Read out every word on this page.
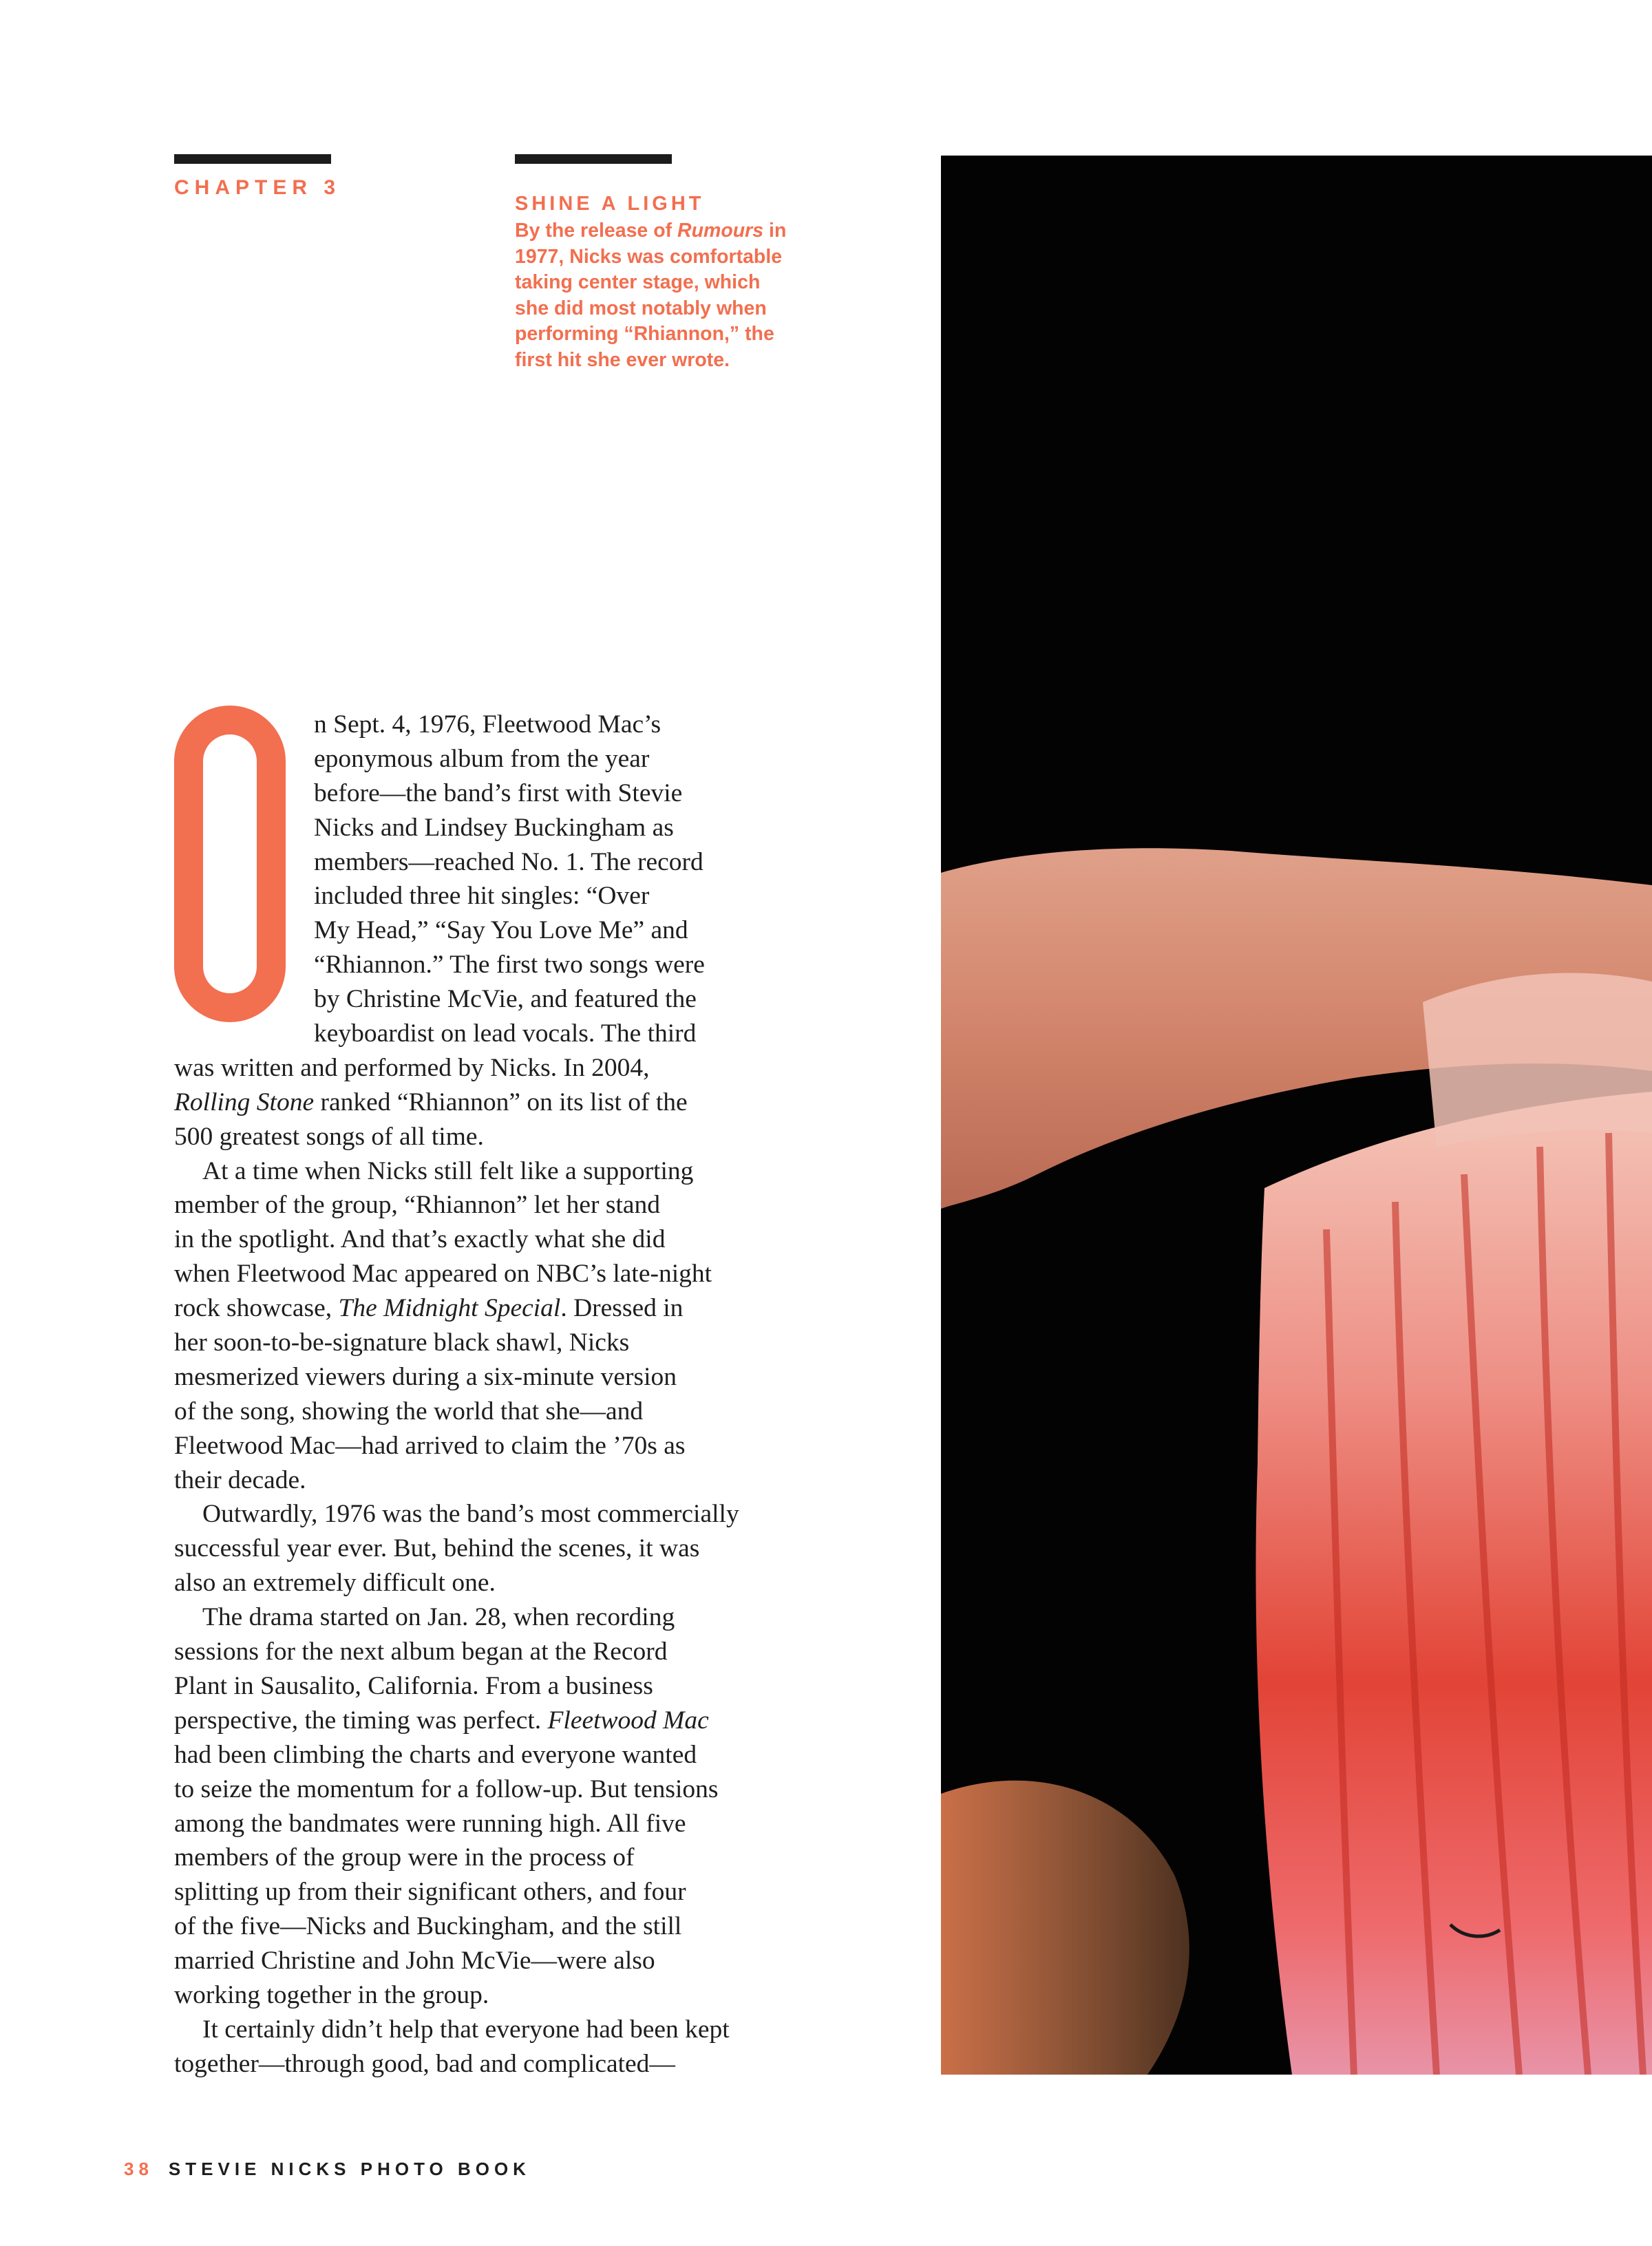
CHAPTER 3
SHINE A LIGHT

By the release of Rumours in
1977, Nicks was comfortable
taking center stage, which
she did most notably when
performing “Rhiannon,” the
first hit she ever wrote.

n Sept. 4, 1976, Fleetwood Mac’s
eponymous album from the year
before—the band’s first with Stevie
Nicks and Lindsey Buckingham as
members—reached No. 1. The record
included three hit singles: “Over
My Head,” “Say You Love Me” and
“Rhiannon.” The first two songs were
by Christine McVie, and featured the
keyboardist on lead vocals. The third
was written and performed by Nicks. In 2004,
Rolling Stone ranked “Rhiannon” on its list of the
500 greatest songs of all time.
At a time when Nicks still felt like a supporting
member of the group, “Rhiannon” let her stand
in the spotlight. And that’s exactly what she did
when Fleetwood Mac appeared on NBC’s late-night
rock showcase, The Midnight Special. Dressed in
her soon-to-be-signature black shawl, Nicks
mesmerized viewers during a six-minute version
of the song, showing the world that she—and
Fleetwood Mac—had arrived to claim the ’70s as
their decade.
Outwardly, 1976 was the band’s most commercially
successful year ever. But, behind the scenes, it was
also an extremely difficult one.
The drama started on Jan. 28, when recording
sessions for the next album began at the Record
Plant in Sausalito, California. From a business
perspective, the timing was perfect. Fleetwood Mac
had been climbing the charts and everyone wanted
to seize the momentum for a follow-up. But tensions
among the bandmates were running high. All five
members of the group were in the process of
splitting up from their significant others, and four
of the five—Nicks and Buckingham, and the still
married Christine and John McVie—were also
working together in the group.
It certainly didn’t help that everyone had been kept
together—through good, bad and complicated—
38 STEVIE NICKS PHOTO BOOK
